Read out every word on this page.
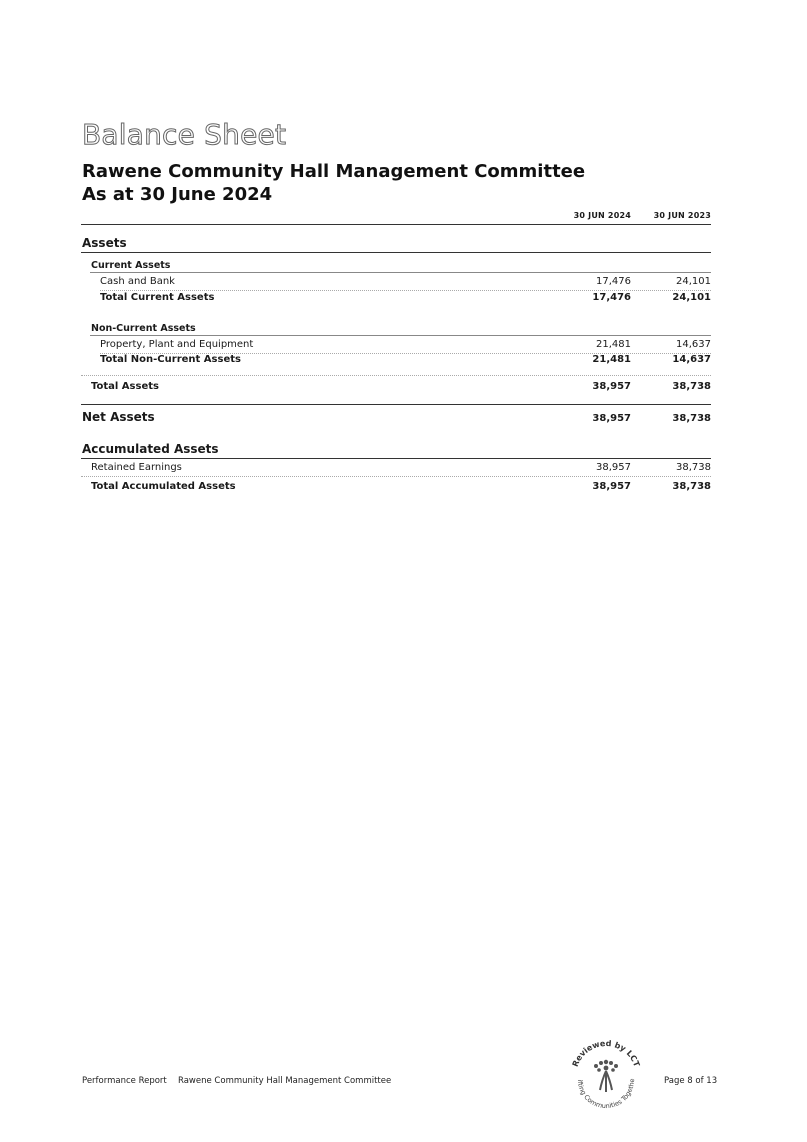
Balance Sheet
Rawene Community Hall Management Committee
As at 30 June 2024
30 JUN 2024	30 JUN 2023
Assets
Current Assets
Cash and Bank	17,476	24,101
Total Current Assets	17,476	24,101
Non-Current Assets
Property, Plant and Equipment	21,481	14,637
Total Non-Current Assets	21,481	14,637
Total Assets	38,957	38,738
Net Assets	38,957	38,738
Accumulated Assets
Retained Earnings	38,957	38,738
Total Accumulated Assets	38,957	38,738
Performance Report Rawene Community Hall Management Committee	Page 8 of 13
Reviewed by LCT
ifting Communities Togethe
